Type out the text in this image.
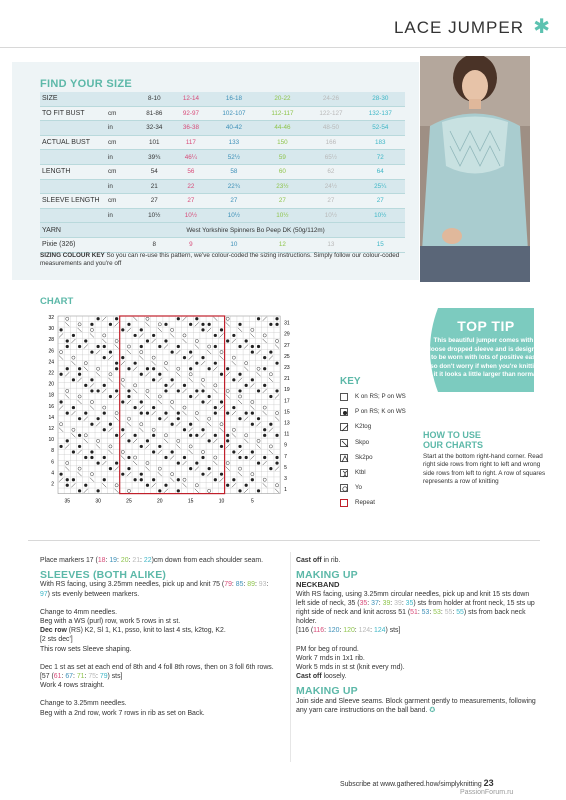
LACE JUMPER ✱
FIND YOUR SIZE
SIZE		8-10	12-14	16-18	20-22	24-26	28-30
TO FIT BUST	cm	81-86	92-97	102-107	112-117	122-127	132-137
	in	32-34	36-38	40-42	44-46	48-50	52-54
ACTUAL BUST	cm	101	117	133	150	166	183
	in	39¾	46¼	52½	59	65½	72
LENGTH	cm	54	56	58	60	62	64
	in	21	22	22¾	23½	24½	25¼
SLEEVE LENGTH	cm	27	27	27	27	27	27
	in	10½	10½	10½	10½	10½	10½
YARN	West Yorkshire Spinners Bo Peep DK (50g/112m)						
Pixie (326)		8	9	10	12	13	15
SIZING COLOUR KEY So you can re-use this pattern, we've colour-coded the sizing instructions. Simply follow our colour-coded measurements and you're off
CHART
32
30
28
26
24
22
20
18
16
14
12
10
8
6
4
2
31
29
27
25
23
21
19
17
15
13
11
9
7
5
3
1
35	30	25	20	15	10	5
TOP TIP
This beautiful jumper comes with a loose dropped sleeve and is designed to be worn with lots of positive ease, so don't worry if when you're knitting it it looks a little larger than normal
KEY
K on RS; P on WS
P on RS; K on WS
K2tog
Skpo
Sk2po
Ktbl
Yo
Repeat
HOW TO USE
OUR CHARTS
Start at the bottom right-hand corner. Read right side rows from right to left and wrong side rows from left to right. A row of squares represents a row of knitting
Place markers 17 (18: 19: 20: 21: 22)cm down from each shoulder seam.
SLEEVES (BOTH ALIKE)
With RS facing, using 3.25mm needles, pick up and knit 75 (79: 85: 89: 93: 97) sts evenly between markers.
Change to 4mm needles.
Beg with a WS (purl) row, work 5 rows in st st.
Dec row (RS) K2, Sl 1, K1, psso, knit to last 4 sts, k2tog, K2.
[2 sts dec']
This row sets Sleeve shaping.
Dec 1 st as set at each end of 8th and 4 foll 8th rows, then on 3 foll 6th rows. [57 (61: 67: 71: 75: 79) sts]
Work 4 rows straight.
Change to 3.25mm needles.
Beg with a 2nd row, work 7 rows in rib as set on Back.
Cast off in rib.
MAKING UP
NECKBAND
With RS facing, using 3.25mm circular needles, pick up and knit 15 sts down left side of neck, 35 (35: 37: 39: 39: 35) sts from holder at front neck, 15 sts up right side of neck and knit across 51 (51: 53: 53: 55: 55) sts from back neck holder.
[116 (116: 120: 120: 124: 124) sts]
PM for beg of round.
Work 7 rnds in 1x1 rib.
Work 5 rnds in st st (knit every rnd).
Cast off loosely.
MAKING UP
Join side and Sleeve seams. Block garment gently to measurements, following any yarn care instructions on the ball band. ✪
Subscribe at www.gathered.how/simplyknitting 23
PassionForum.ru
